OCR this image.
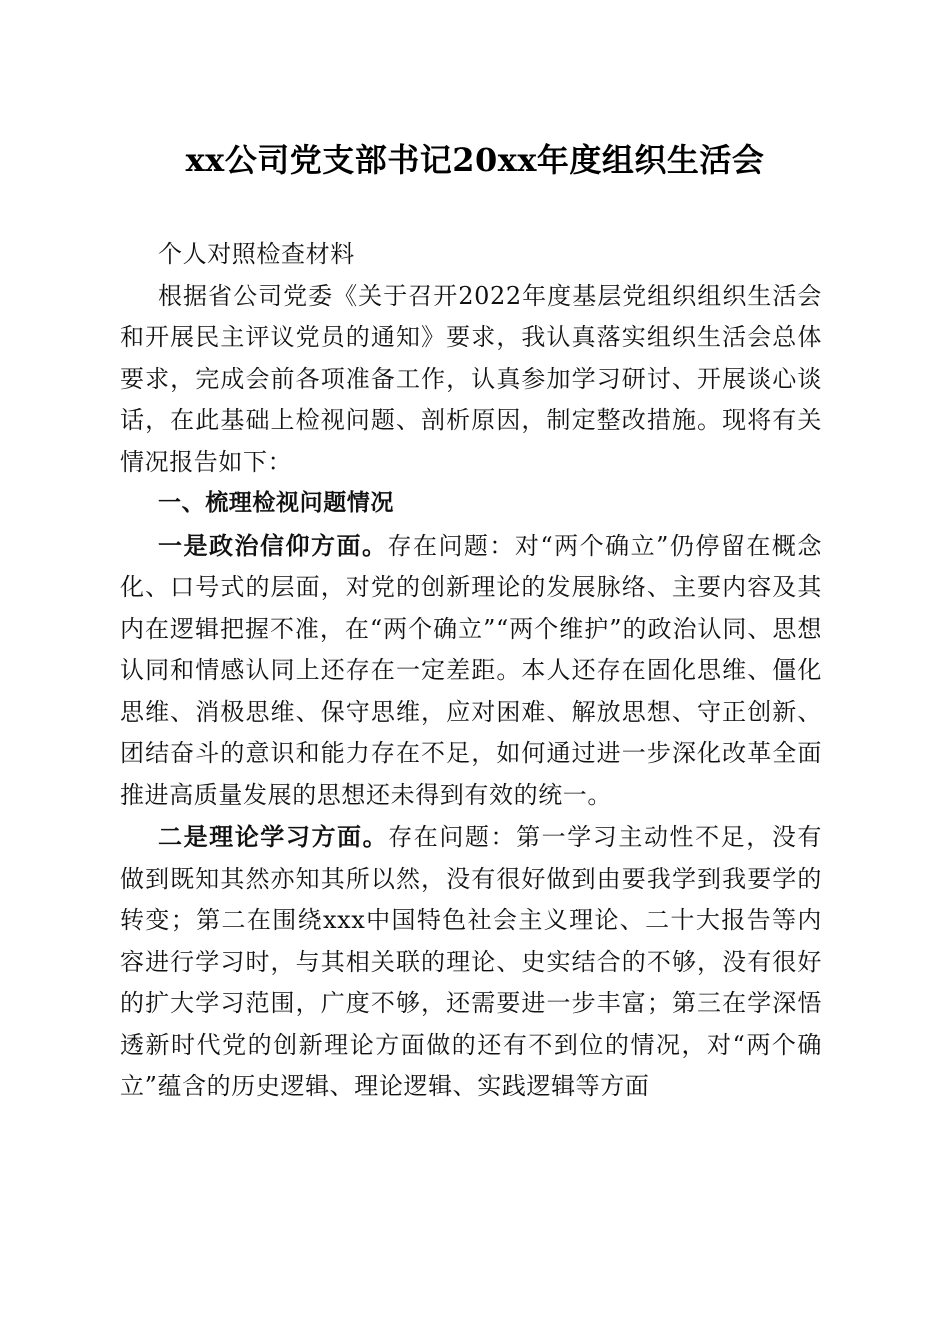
xx公司党支部书记20xx年度组织生活会

个人对照检查材料

根据省公司党委《关于召开2022年度基层党组织组织生活会和开展民主评议党员的通知》要求，我认真落实组织生活会总体要求，完成会前各项准备工作，认真参加学习研讨、开展谈心谈话，在此基础上检视问题、剖析原因，制定整改措施。现将有关情况报告如下：

一、梳理检视问题情况

一是政治信仰方面。存在问题：对“两个确立”仍停留在概念化、口号式的层面，对党的创新理论的发展脉络、主要内容及其内在逻辑把握不准，在“两个确立”“两个维护”的政治认同、思想认同和情感认同上还存在一定差距。本人还存在固化思维、僵化思维、消极思维、保守思维，应对困难、解放思想、守正创新、团结奋斗的意识和能力存在不足，如何通过进一步深化改革全面推进高质量发展的思想还未得到有效的统一。

二是理论学习方面。存在问题：第一学习主动性不足，没有做到既知其然亦知其所以然，没有很好做到由要我学到我要学的转变；第二在围绕xxx中国特色社会主义理论、二十大报告等内容进行学习时，与其相关联的理论、史实结合的不够，没有很好的扩大学习范围，广度不够，还需要进一步丰富；第三在学深悟透新时代党的创新理论方面做的还有不到位的情况，对“两个确立”蕴含的历史逻辑、理论逻辑、实践逻辑等方面
